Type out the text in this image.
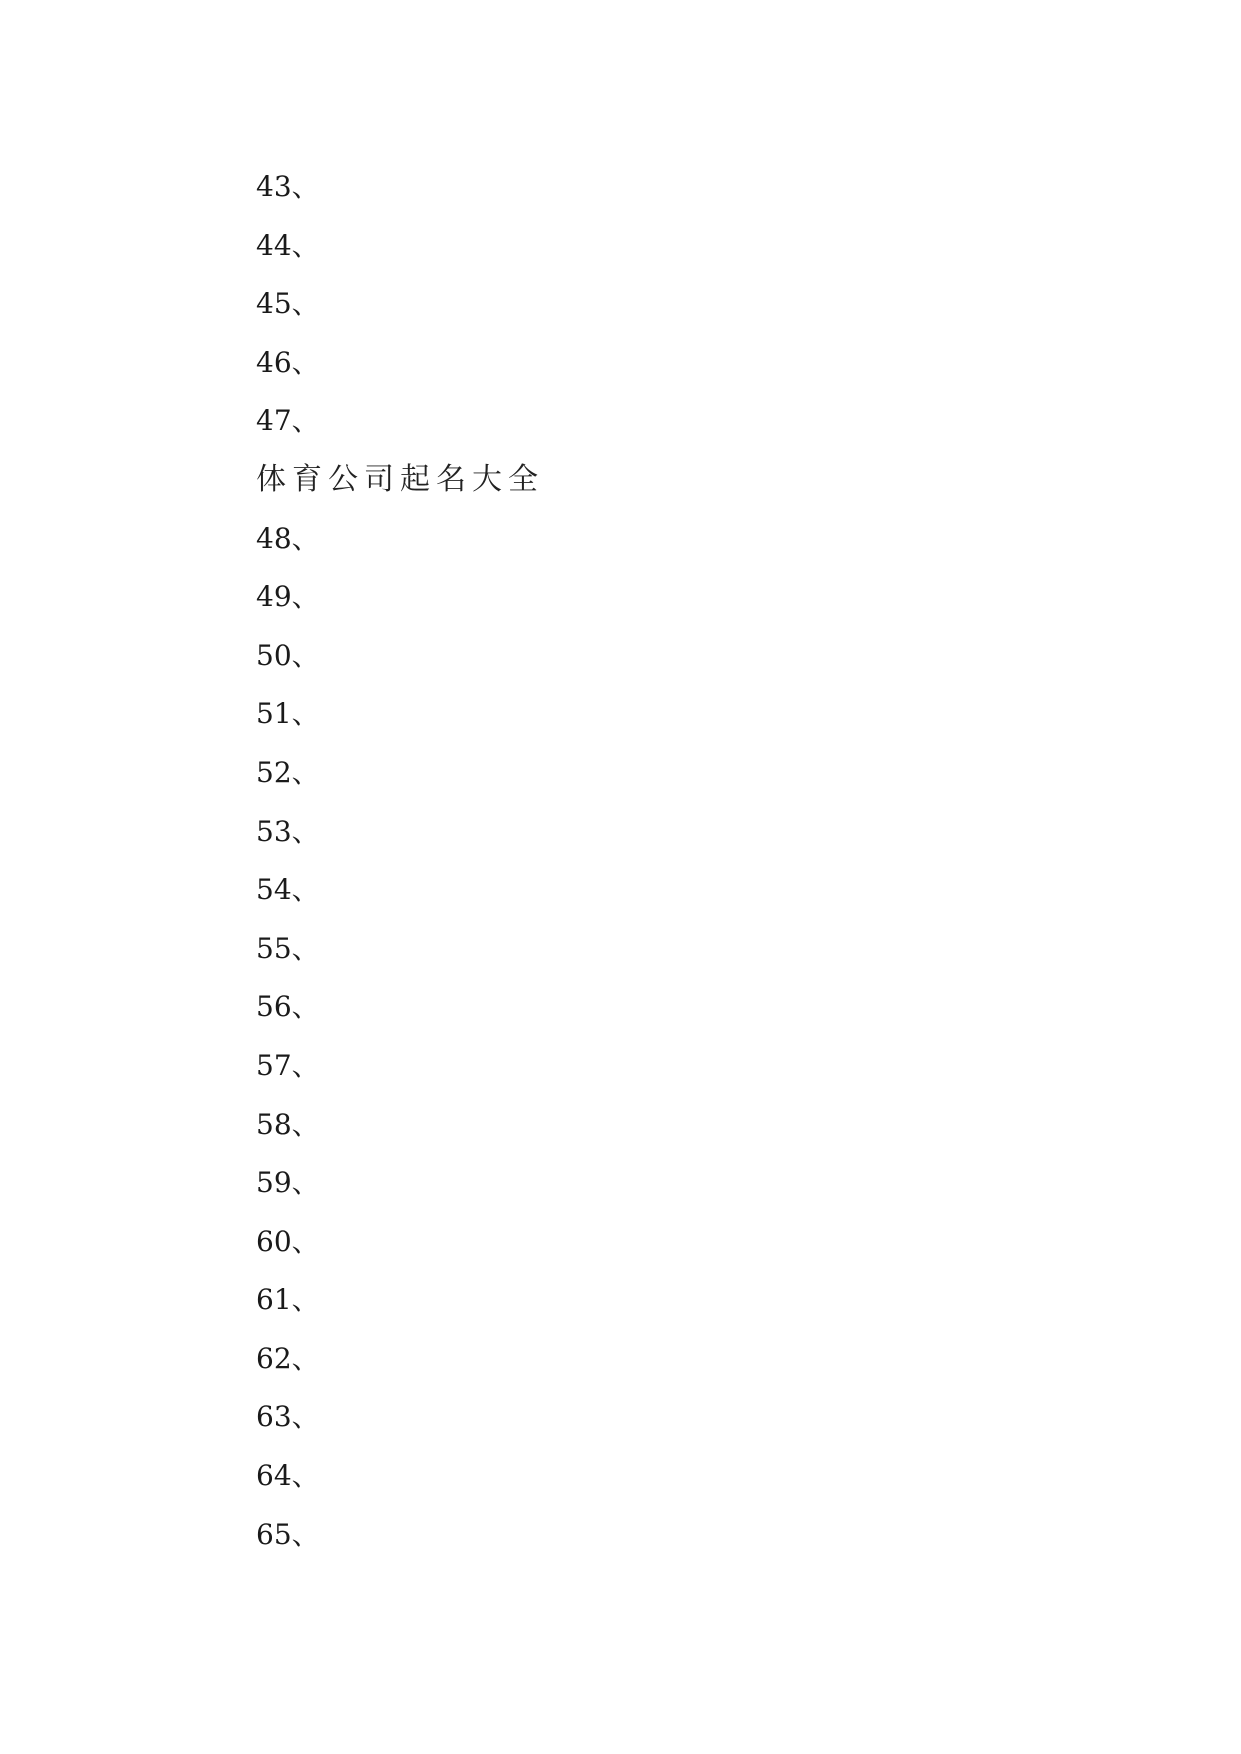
43、
44、
45、
46、
47、
体育公司起名大全
48、
49、
50、
51、
52、
53、
54、
55、
56、
57、
58、
59、
60、
61、
62、
63、
64、
65、
